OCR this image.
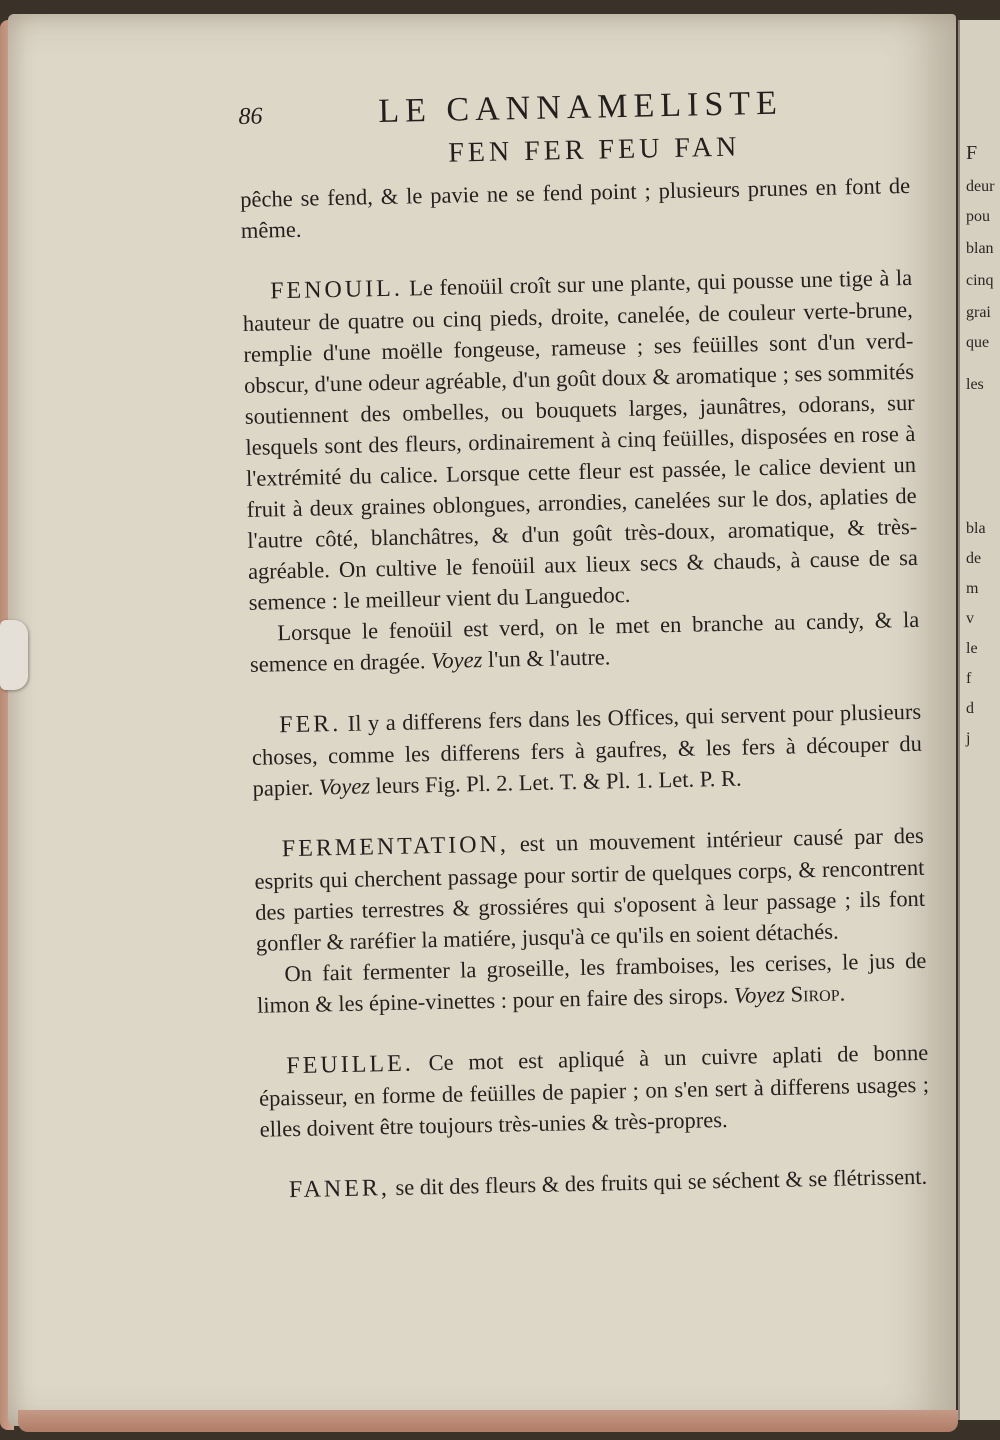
F
deur
pou
blan
cinq
grai
que
les
bla
de
m
v
le
f
d
j
86	LE CANNAMELISTE
FEN FER FEU FAN

pêche se fend, & le pavie ne se fend point ; plusieurs prunes en font de même.

FENOUIL. Le fenoüil croît sur une plante, qui pousse une tige à la hauteur de quatre ou cinq pieds, droite, canelée, de couleur verte-brune, remplie d'une moëlle fongeuse, rameuse ; ses feüilles sont d'un verd-obscur, d'une odeur agréable, d'un goût doux & aromatique ; ses sommités soutiennent des ombelles, ou bouquets larges, jaunâtres, odorans, sur lesquels sont des fleurs, ordinairement à cinq feüilles, disposées en rose à l'extrémité du calice. Lorsque cette fleur est passée, le calice devient un fruit à deux graines oblongues, arrondies, canelées sur le dos, aplaties de l'autre côté, blanchâtres, & d'un goût très-doux, aromatique, & très-agréable. On cultive le fenoüil aux lieux secs & chauds, à cause de sa semence : le meilleur vient du Languedoc.

Lorsque le fenoüil est verd, on le met en branche au candy, & la semence en dragée. Voyez l'un & l'autre.

FER. Il y a differens fers dans les Offices, qui servent pour plusieurs choses, comme les differens fers à gaufres, & les fers à découper du papier. Voyez leurs Fig. Pl. 2. Let. T. & Pl. 1. Let. P. R.

FERMENTATION, est un mouvement intérieur causé par des esprits qui cherchent passage pour sortir de quelques corps, & rencontrent des parties terrestres & grossiéres qui s'oposent à leur passage ; ils font gonfler & raréfier la matiére, jusqu'à ce qu'ils en soient détachés.

On fait fermenter la groseille, les framboises, les cerises, le jus de limon & les épine-vinettes : pour en faire des sirops. Voyez Sirop.

FEUILLE. Ce mot est apliqué à un cuivre aplati de bonne épaisseur, en forme de feüilles de papier ; on s'en sert à differens usages ; elles doivent être toujours très-unies & très-propres.

FANER, se dit des fleurs & des fruits qui se séchent & se flétrissent.
